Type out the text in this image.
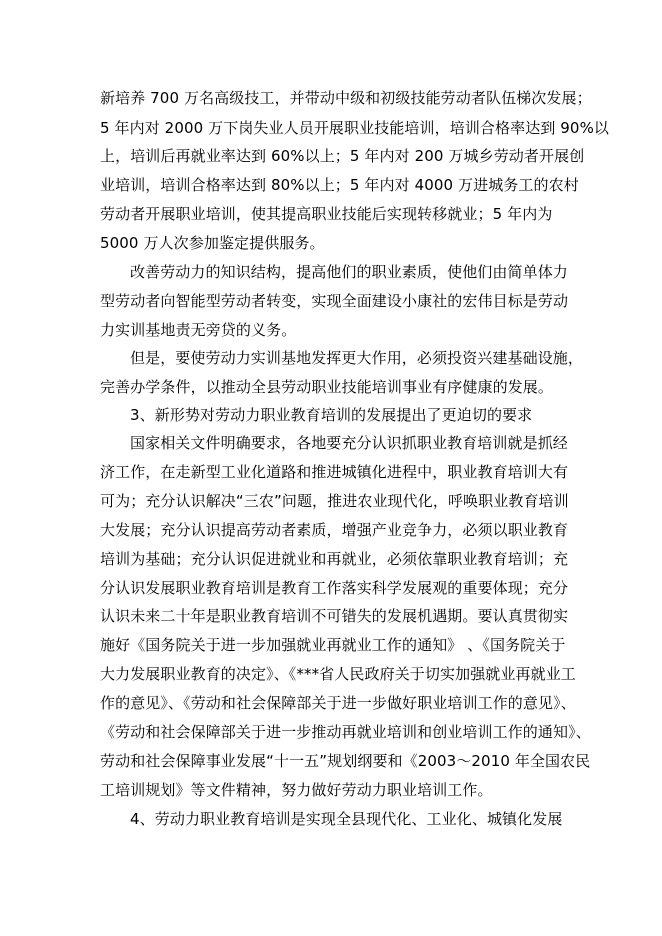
新培养 700 万名高级技工，并带动中级和初级技能劳动者队伍梯次发展；
5 年内对 2000 万下岗失业人员开展职业技能培训，培训合格率达到 90%以
上，培训后再就业率达到 60%以上；5 年内对 200 万城乡劳动者开展创
业培训，培训合格率达到 80%以上；5 年内对 4000 万进城务工的农村
劳动者开展职业培训，使其提高职业技能后实现转移就业；5 年内为
5000 万人次参加鉴定提供服务。
改善劳动力的知识结构，提高他们的职业素质，使他们由简单体力
型劳动者向智能型劳动者转变，实现全面建设小康社的宏伟目标是劳动
力实训基地责无旁贷的义务。
但是，要使劳动力实训基地发挥更大作用，必须投资兴建基础设施，
完善办学条件，以推动全县劳动职业技能培训事业有序健康的发展。
3、新形势对劳动力职业教育培训的发展提出了更迫切的要求
国家相关文件明确要求，各地要充分认识抓职业教育培训就是抓经
济工作，在走新型工业化道路和推进城镇化进程中，职业教育培训大有
可为；充分认识解决“三农”问题，推进农业现代化，呼唤职业教育培训
大发展；充分认识提高劳动者素质，增强产业竞争力，必须以职业教育
培训为基础；充分认识促进就业和再就业，必须依靠职业教育培训；充
分认识发展职业教育培训是教育工作落实科学发展观的重要体现；充分
认识未来二十年是职业教育培训不可错失的发展机遇期。要认真贯彻实
施好《国务院关于进一步加强就业再就业工作的通知》 、《国务院关于
大力发展职业教育的决定》、《***省人民政府关于切实加强就业再就业工
作的意见》、《劳动和社会保障部关于进一步做好职业培训工作的意见》、
《劳动和社会保障部关于进一步推动再就业培训和创业培训工作的通知》、
劳动和社会保障事业发展“十一五”规划纲要和《2003～2010 年全国农民
工培训规划》等文件精神，努力做好劳动力职业培训工作。
4、劳动力职业教育培训是实现全县现代化、工业化、城镇化发展
